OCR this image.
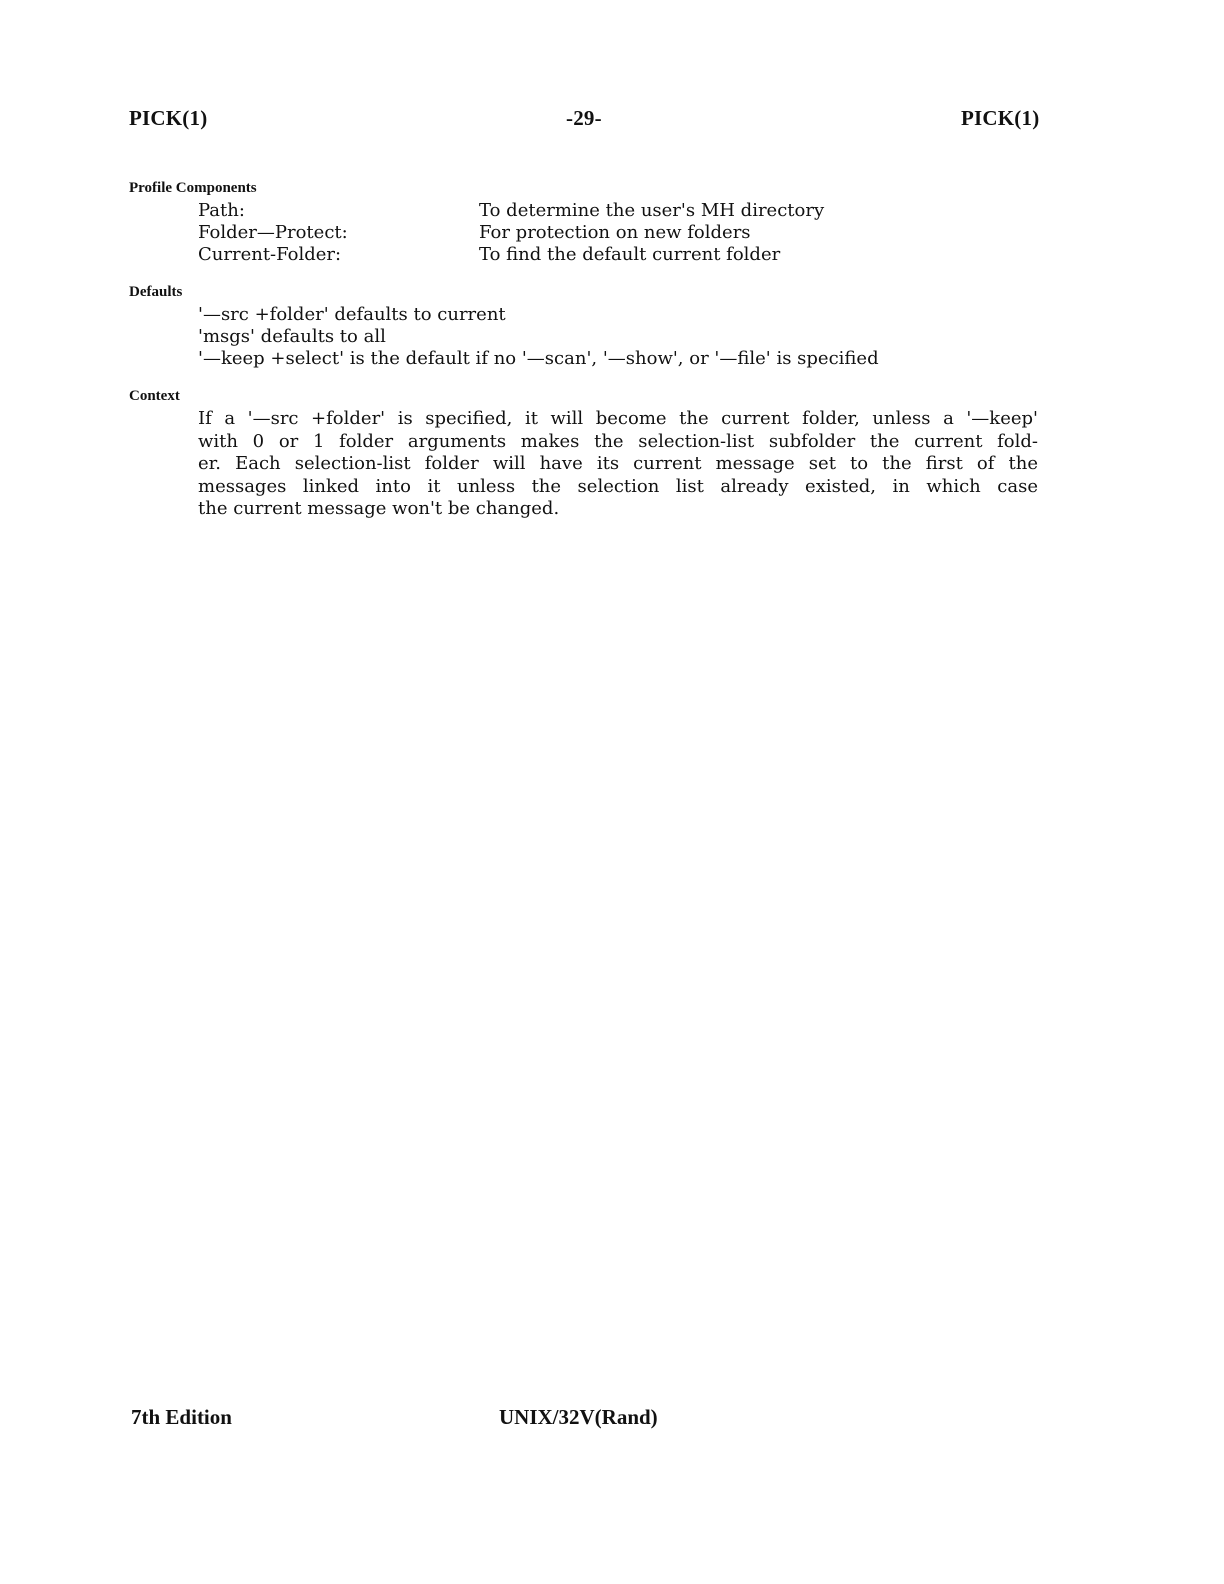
PICK(1)	-29-	PICK(1)
Profile Components
Path:	To determine the user's MH directory
Folder—Protect:	For protection on new folders
Current-Folder:	To find the default current folder
Defaults
'—src +folder' defaults to current
'msgs' defaults to all
'—keep +select' is the default if no '—scan', '—show', or '—file' is specified
Context
If a '—src +folder' is specified, it will become the current folder, unless a '—keep'
with 0 or 1 folder arguments makes the selection-list subfolder the current fold-
er. Each selection-list folder will have its current message set to the first of the
messages linked into it unless the selection list already existed, in which case
the current message won't be changed.
7th Edition	UNIX/32V(Rand)
